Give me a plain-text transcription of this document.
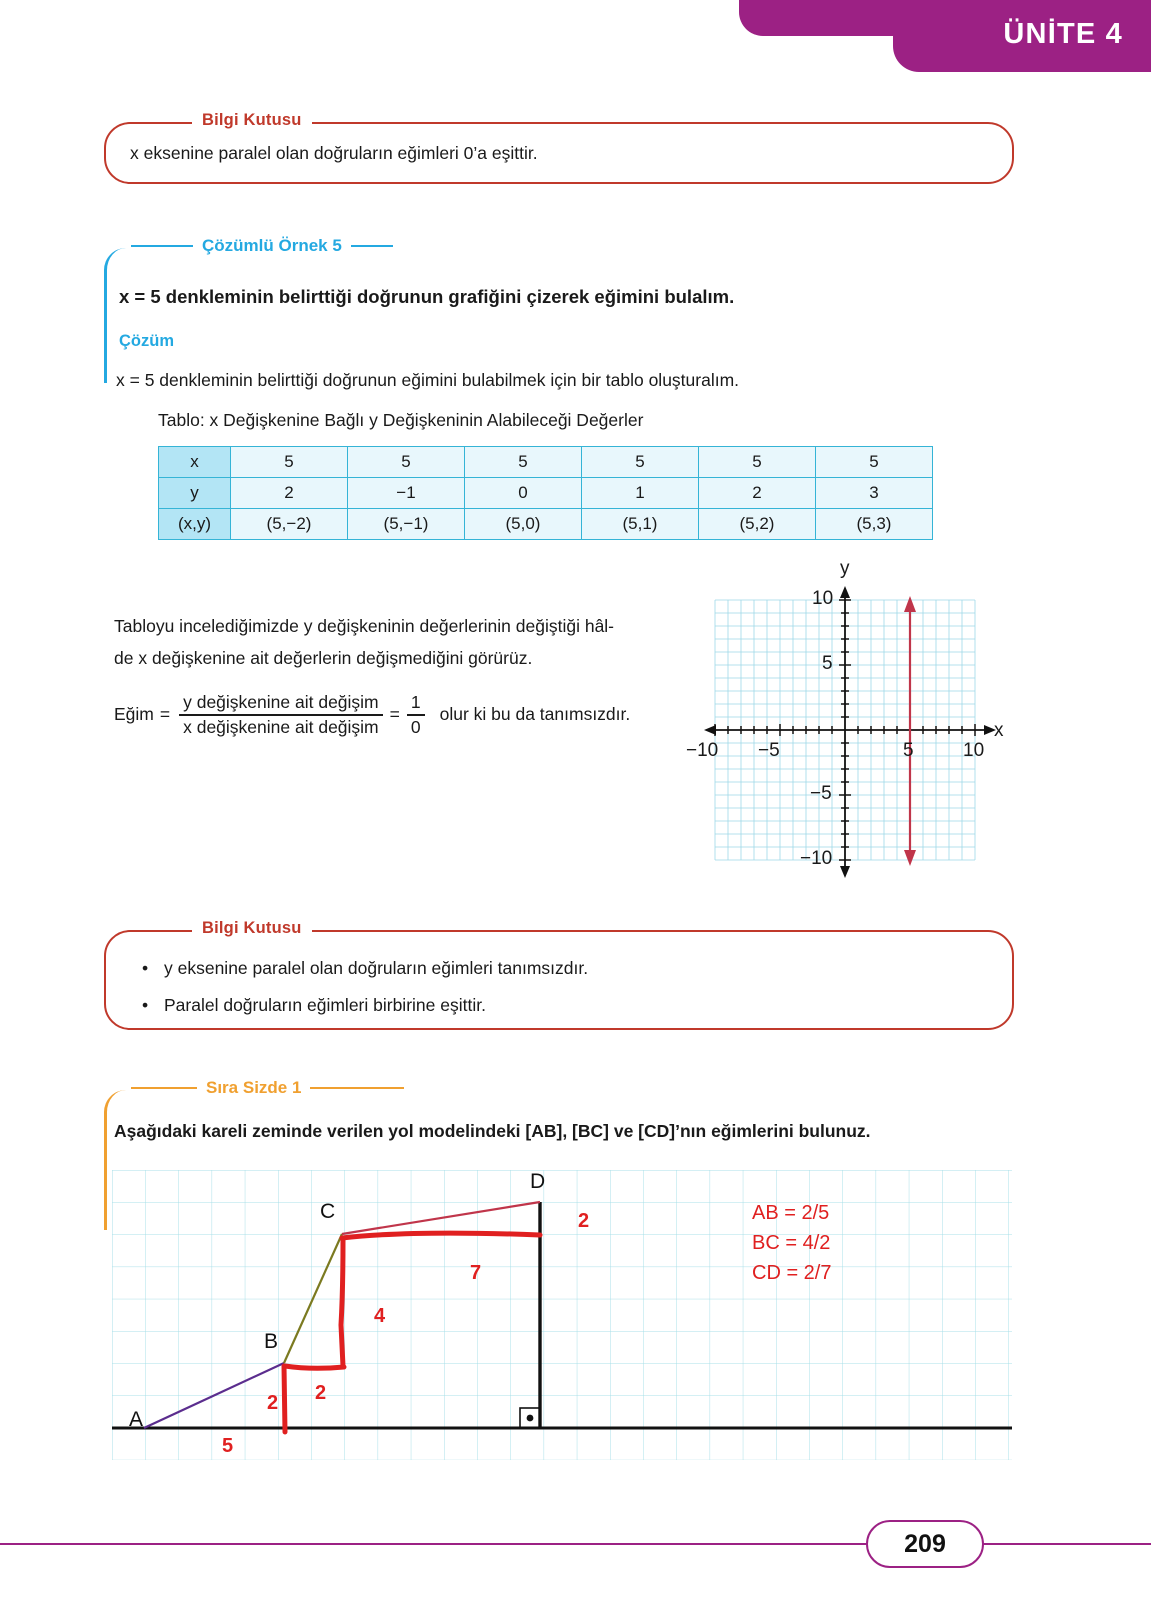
ÜNİTE 4
Bilgi Kutusu
x eksenine paralel olan doğruların eğimleri 0’a eşittir.
Çözümlü Örnek 5
x = 5 denkleminin belirttiği doğrunun grafiğini çizerek eğimini bulalım.
Çözüm
x = 5 denkleminin belirttiği doğrunun eğimini bulabilmek için bir tablo oluşturalım.
Tablo: x Değişkenine Bağlı y Değişkeninin Alabileceği Değerler
x	5	5	5	5	5	5
y	2	−1	0	1	2	3
(x,y)	(5,−2)	(5,−1)	(5,0)	(5,1)	(5,2)	(5,3)
Tabloyu incelediğimizde y değişkeninin değerlerinin değiştiği hâl-
de x değişkenine ait değerlerin değişmediğini görürüz.
Eğim = $\frac{\text{y değişkenine ait değişim}}{\text{x değişkenine ait değişim}} = \frac{1}{0}$ olur ki bu da tanımsızdır.
y
x
−10 −5	5	10
10
5
−5
−10
Bilgi Kutusu
• y eksenine paralel olan doğruların eğimleri tanımsızdır.
• Paralel doğruların eğimleri birbirine eşittir.
Sıra Sizde 1
Aşağıdaki kareli zeminde verilen yol modelindeki [AB], [BC] ve [CD]’nın eğimlerini bulunuz.
A
B
C
D
5
2 2
4
7
2	AB = 2/5
BC = 4/2
CD = 2/7
209
